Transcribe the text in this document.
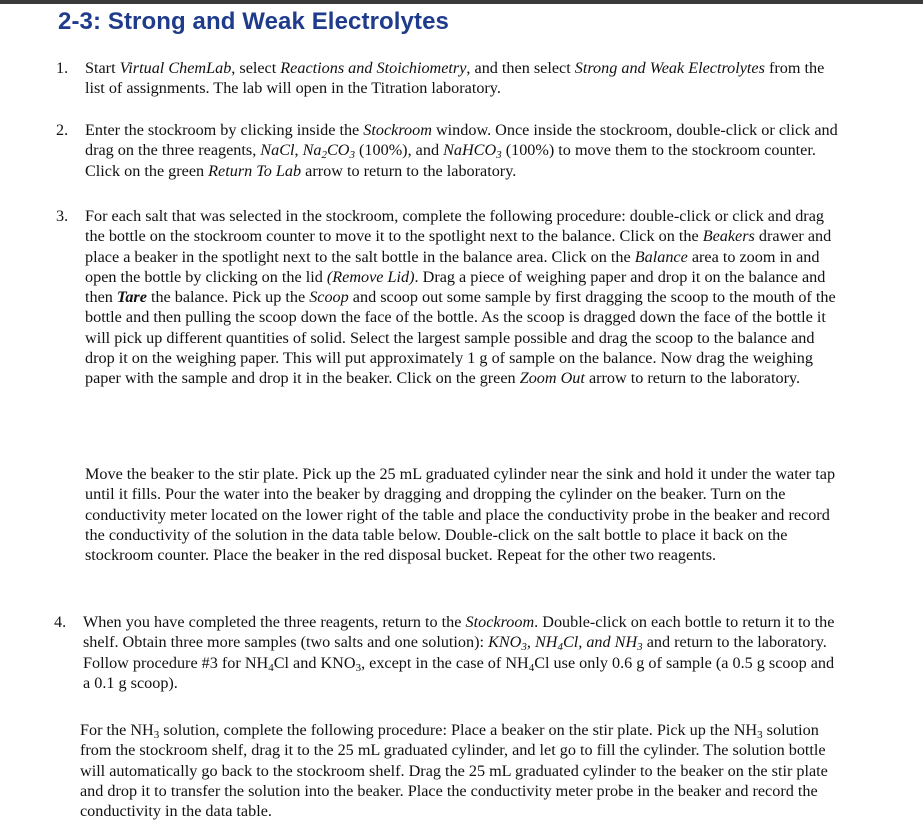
2-3: Strong and Weak Electrolytes
1. Start Virtual ChemLab, select Reactions and Stoichiometry, and then select Strong and Weak Electrolytes from the list of assignments. The lab will open in the Titration laboratory.

2. Enter the stockroom by clicking inside the Stockroom window. Once inside the stockroom, double-click or click and drag on the three reagents, NaCl, $Na_2CO_3$ (100%), and NaHCO$_3$ (100%) to move them to the stockroom counter. Click on the green Return To Lab arrow to return to the laboratory.

3. For each salt that was selected in the stockroom, complete the following procedure: double-click or click and drag the bottle on the stockroom counter to move it to the spotlight next to the balance. Click on the Beakers drawer and place a beaker in the spotlight next to the salt bottle in the balance area. Click on the Balance area to zoom in and open the bottle by clicking on the lid (Remove Lid). Drag a piece of weighing paper and drop it on the balance and then Tare the balance. Pick up the Scoop and scoop out some sample by first dragging the scoop to the mouth of the bottle and then pulling the scoop down the face of the bottle. As the scoop is dragged down the face of the bottle it will pick up different quantities of solid. Select the largest sample possible and drag the scoop to the balance and drop it on the weighing paper. This will put approximately 1 g of sample on the balance. Now drag the weighing paper with the sample and drop it in the beaker. Click on the green Zoom Out arrow to return to the laboratory.

Move the beaker to the stir plate. Pick up the 25 mL graduated cylinder near the sink and hold it under the water tap until it fills. Pour the water into the beaker by dragging and dropping the cylinder on the beaker. Turn on the conductivity meter located on the lower right of the table and place the conductivity probe in the beaker and record the conductivity of the solution in the data table below. Double-click on the salt bottle to place it back on the stockroom counter. Place the beaker in the red disposal bucket. Repeat for the other two reagents.

4. When you have completed the three reagents, return to the Stockroom. Double-click on each bottle to return it to the shelf. Obtain three more samples (two salts and one solution): $KNO_3$, $NH_4Cl$, and $NH_3$ and return to the laboratory. Follow procedure #3 for $NH_4Cl$ and $KNO_3$, except in the case of $NH_4Cl$ use only 0.6 g of sample (a 0.5 g scoop and a 0.1 g scoop).

For the $NH_3$ solution, complete the following procedure: Place a beaker on the stir plate. Pick up the $NH_3$ solution from the stockroom shelf, drag it to the 25 mL graduated cylinder, and let go to fill the cylinder. The solution bottle will automatically go back to the stockroom shelf. Drag the 25 mL graduated cylinder to the beaker on the stir plate and drop it to transfer the solution into the beaker. Place the conductivity meter probe in the beaker and record the conductivity in the data table.
